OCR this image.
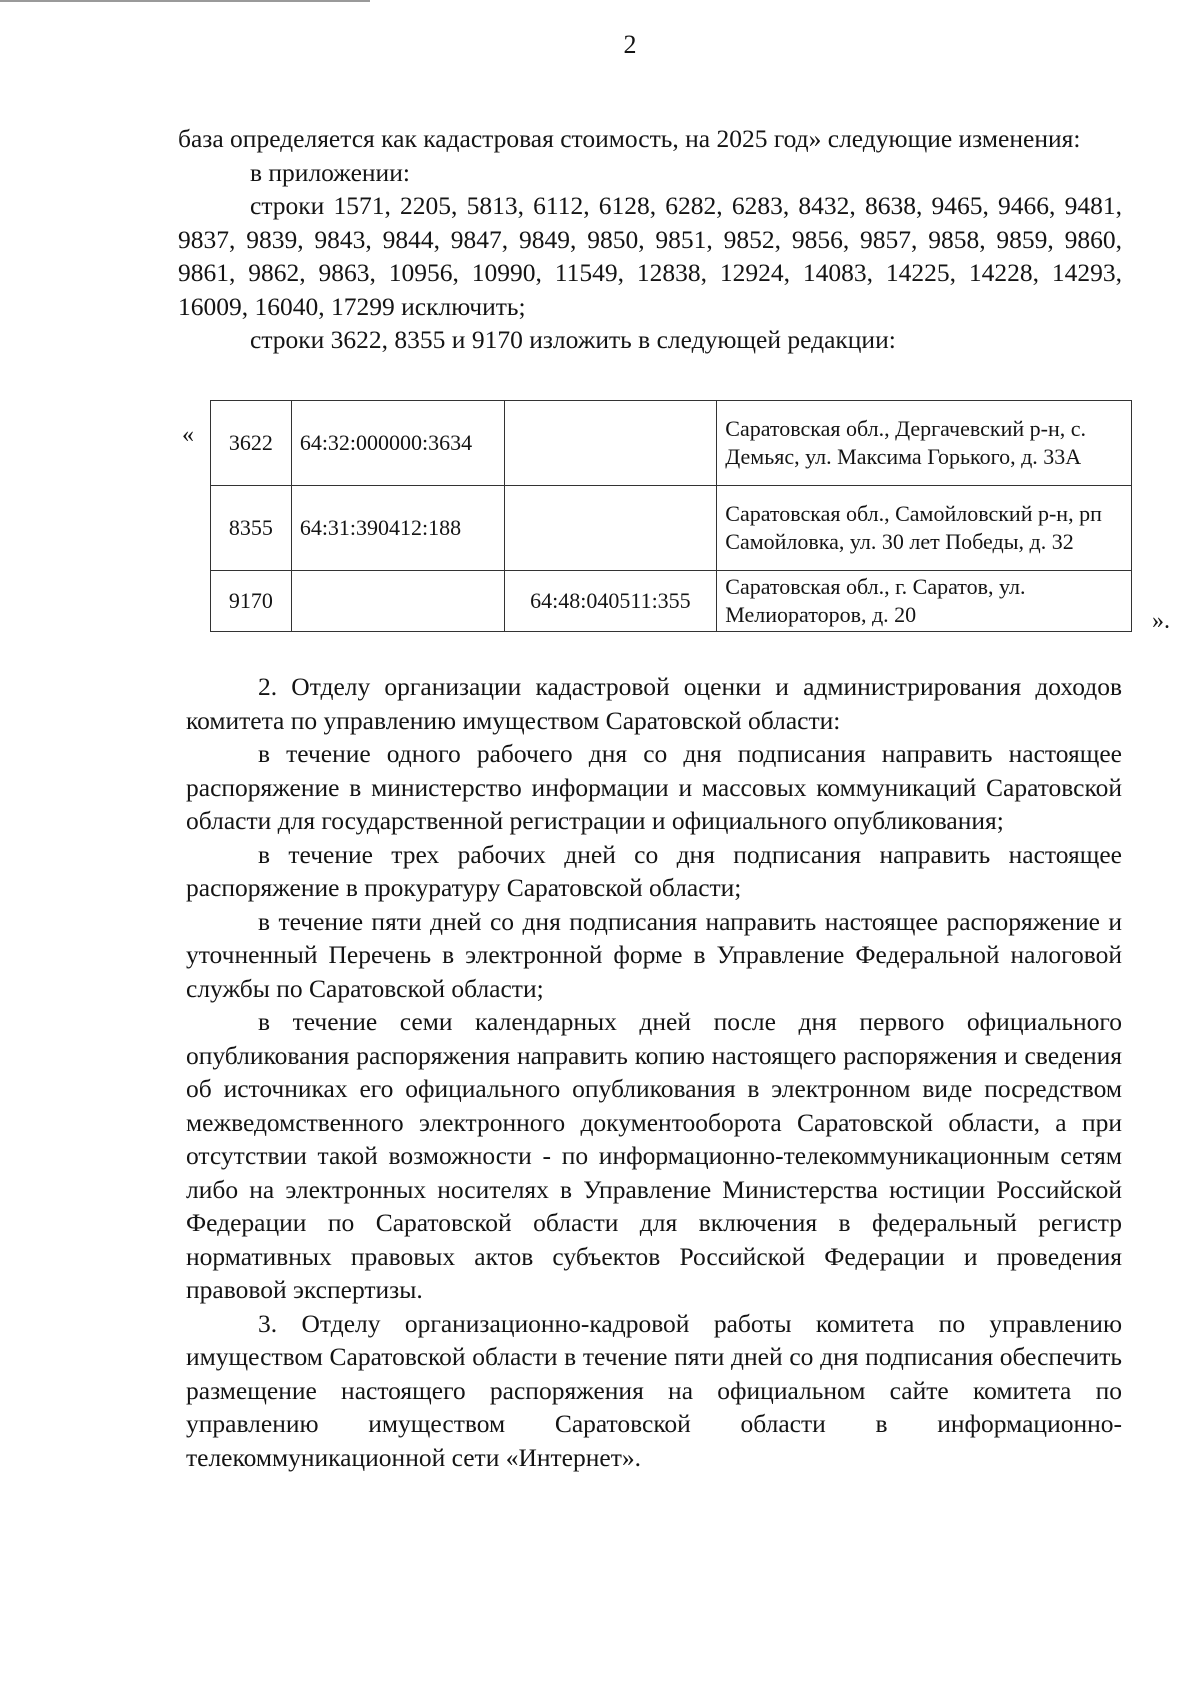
2

база определяется как кадастровая стоимость, на 2025 год» следующие изменения:

в приложении:

строки 1571, 2205, 5813, 6112, 6128, 6282, 6283, 8432, 8638, 9465, 9466, 9481, 9837, 9839, 9843, 9844, 9847, 9849, 9850, 9851, 9852, 9856, 9857, 9858, 9859, 9860, 9861, 9862, 9863, 10956, 10990, 11549, 12838, 12924, 14083, 14225, 14228, 14293, 16009, 16040, 17299 исключить;

строки 3622, 8355 и 9170 изложить в следующей редакции:

« 3622	64:32:000000:3634		Саратовская обл., Дергачевский р-н, с. Демьяс, ул. Максима Горького, д. 33А
8355	64:31:390412:188		Саратовская обл., Самойловский р-н, рп Самойловка, ул. 30 лет Победы, д. 32
9170		64:48:040511:355	Саратовская обл., г. Саратов, ул. Мелиораторов, д. 20	».

2. Отделу организации кадастровой оценки и администрирования доходов комитета по управлению имуществом Саратовской области:

в течение одного рабочего дня со дня подписания направить настоящее распоряжение в министерство информации и массовых коммуникаций Саратовской области для государственной регистрации и официального опубликования;

в течение трех рабочих дней со дня подписания направить настоящее распоряжение в прокуратуру Саратовской области;

в течение пяти дней со дня подписания направить настоящее распоряжение и уточненный Перечень в электронной форме в Управление Федеральной налоговой службы по Саратовской области;

в течение семи календарных дней после дня первого официального опубликования распоряжения направить копию настоящего распоряжения и сведения об источниках его официального опубликования в электронном виде посредством межведомственного электронного документооборота Саратовской области, а при отсутствии такой возможности - по информационно-телекоммуникационным сетям либо на электронных носителях в Управление Министерства юстиции Российской Федерации по Саратовской области для включения в федеральный регистр нормативных правовых актов субъектов Российской Федерации и проведения правовой экспертизы.

3. Отделу организационно-кадровой работы комитета по управлению имуществом Саратовской области в течение пяти дней со дня подписания обеспечить размещение настоящего распоряжения на официальном сайте комитета по управлению имуществом Саратовской области в информационно-телекоммуникационной сети «Интернет».
